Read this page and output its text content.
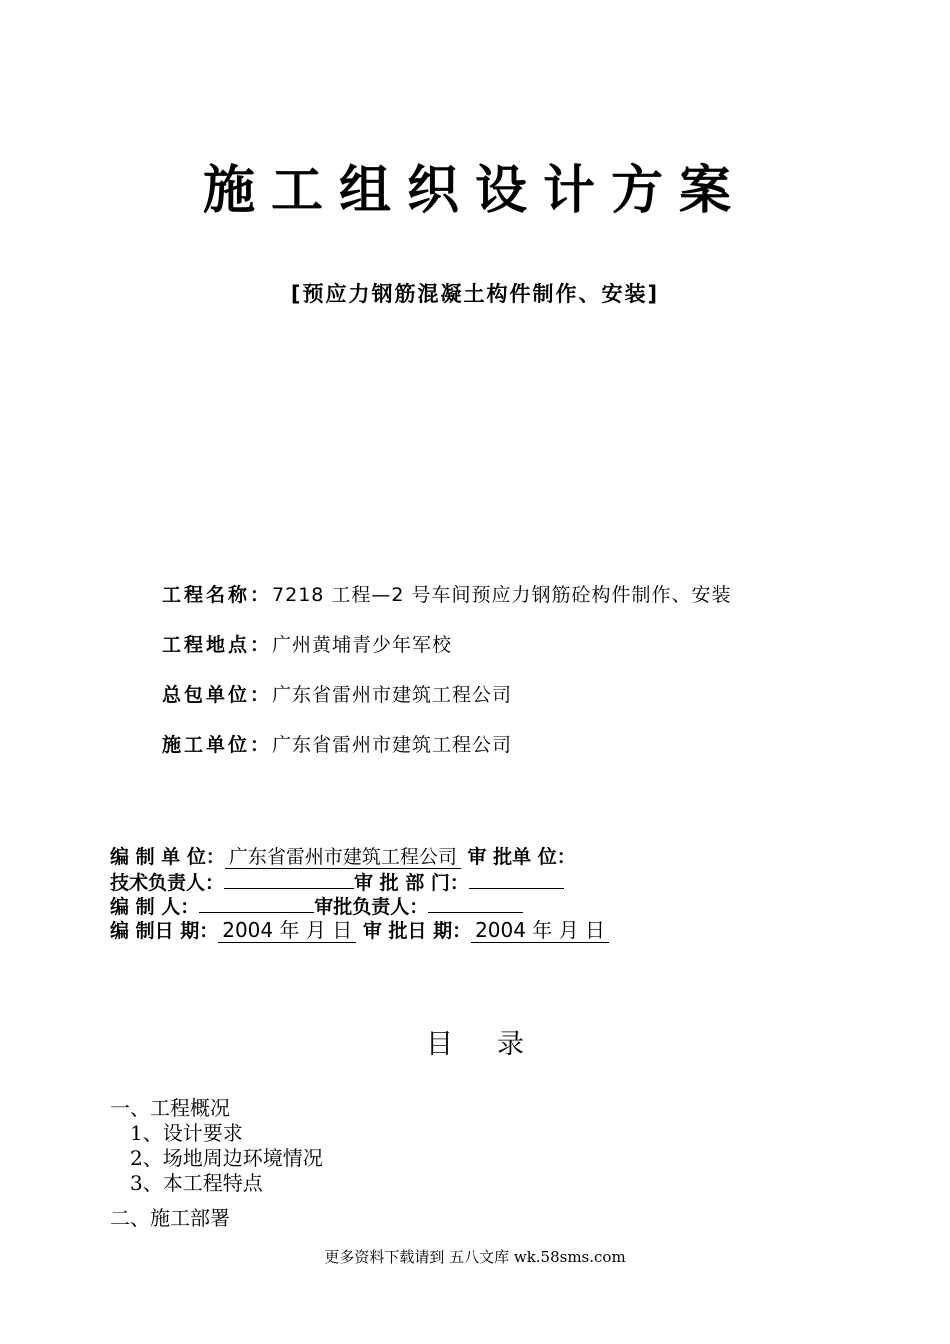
施工组织设计方案
[预应力钢筋混凝土构件制作、安装]
工程名称：7218 工程—2 号车间预应力钢筋砼构件制作、安装
工程地点：广州黄埔青少年军校
总包单位：广东省雷州市建筑工程公司
施工单位：广东省雷州市建筑工程公司
编 制 单 位： 广东省雷州市建筑工程公司 审 批单 位：
技术负责人：	审 批 部 门：
编 制 人：	审批负责人：
编 制日 期： 2004 年 月 日 审 批日 期： 2004 年 月 日
目录
一、工程概况
1、设计要求
2、场地周边环境情况
3、本工程特点
二、施工部署
更多资料下载请到 五八文库 wk.58sms.com
